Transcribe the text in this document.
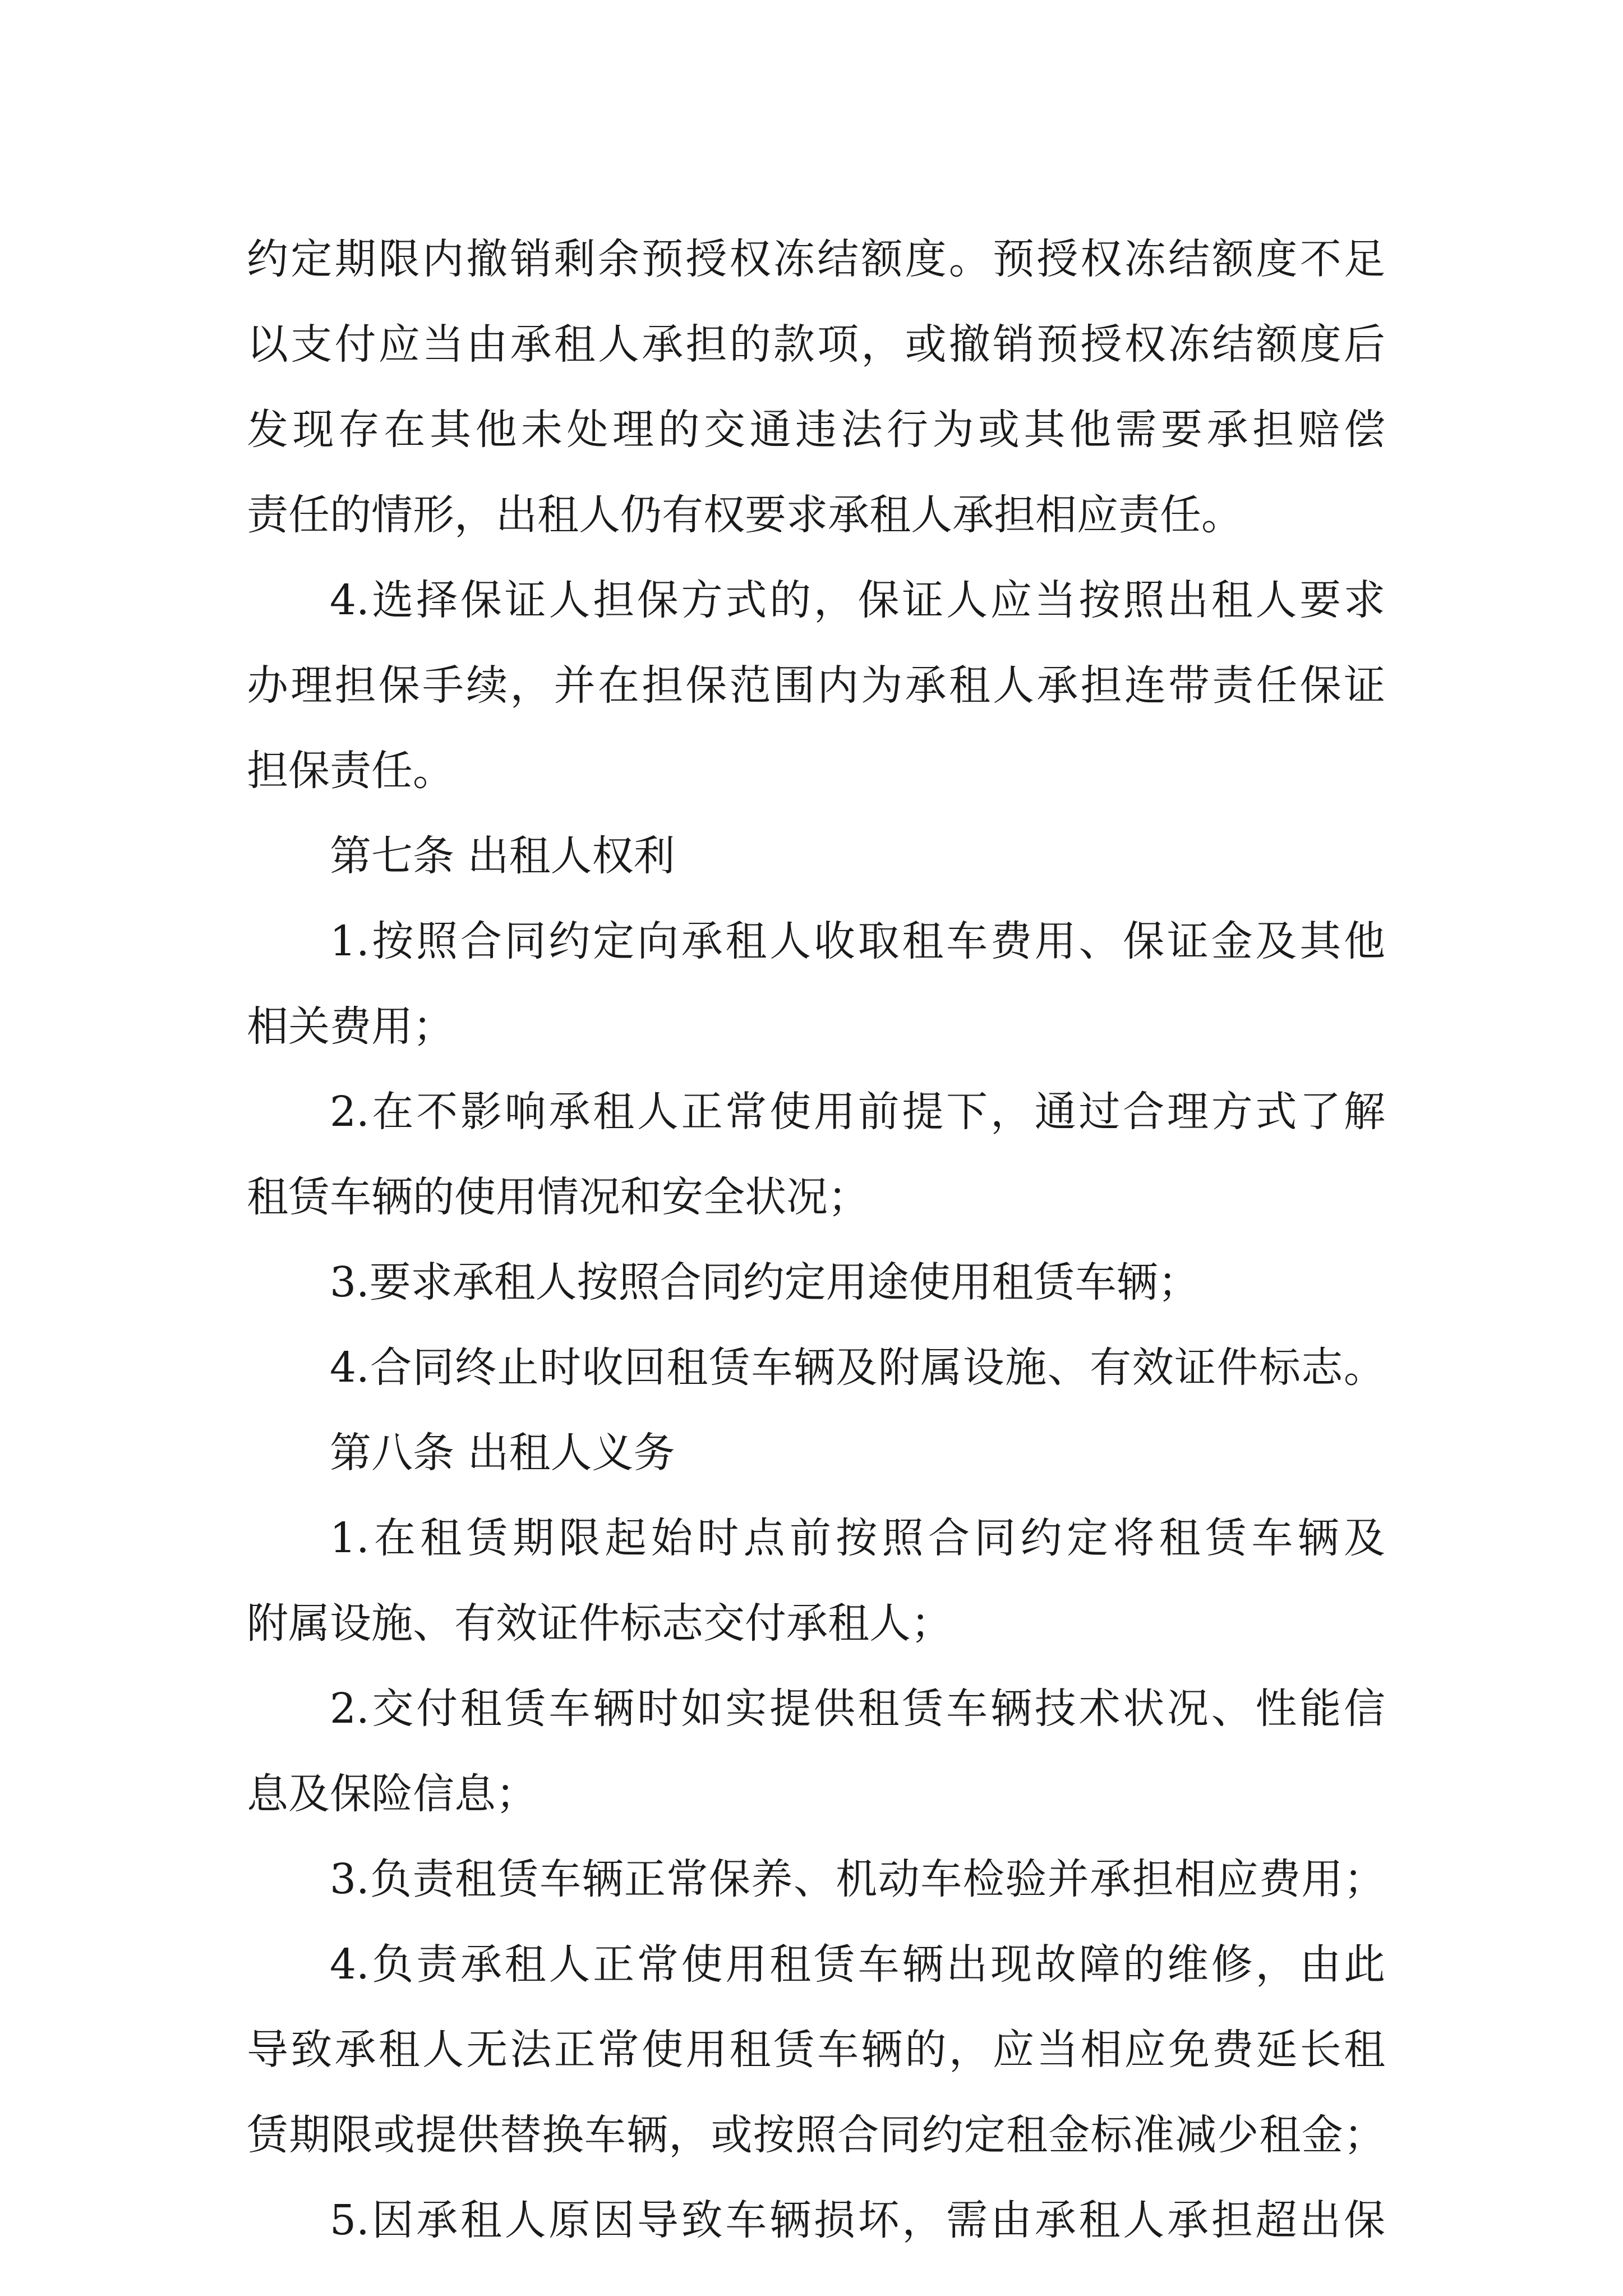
约定期限内撤销剩余预授权冻结额度。预授权冻结额度不足
以支付应当由承租人承担的款项，或撤销预授权冻结额度后
发现存在其他未处理的交通违法行为或其他需要承担赔偿
责任的情形，出租人仍有权要求承租人承担相应责任。
4.选择保证人担保方式的，保证人应当按照出租人要求
办理担保手续，并在担保范围内为承租人承担连带责任保证
担保责任。
第七条 出租人权利
1.按照合同约定向承租人收取租车费用、保证金及其他
相关费用；
2.在不影响承租人正常使用前提下，通过合理方式了解
租赁车辆的使用情况和安全状况；
3.要求承租人按照合同约定用途使用租赁车辆；
4.合同终止时收回租赁车辆及附属设施、有效证件标志。
第八条 出租人义务
1.在租赁期限起始时点前按照合同约定将租赁车辆及
附属设施、有效证件标志交付承租人；
2.交付租赁车辆时如实提供租赁车辆技术状况、性能信
息及保险信息；
3.负责租赁车辆正常保养、机动车检验并承担相应费用；
4.负责承租人正常使用租赁车辆出现故障的维修，由此
导致承租人无法正常使用租赁车辆的，应当相应免费延长租
赁期限或提供替换车辆，或按照合同约定租金标准减少租金；
5.因承租人原因导致车辆损坏，需由承租人承担超出保
